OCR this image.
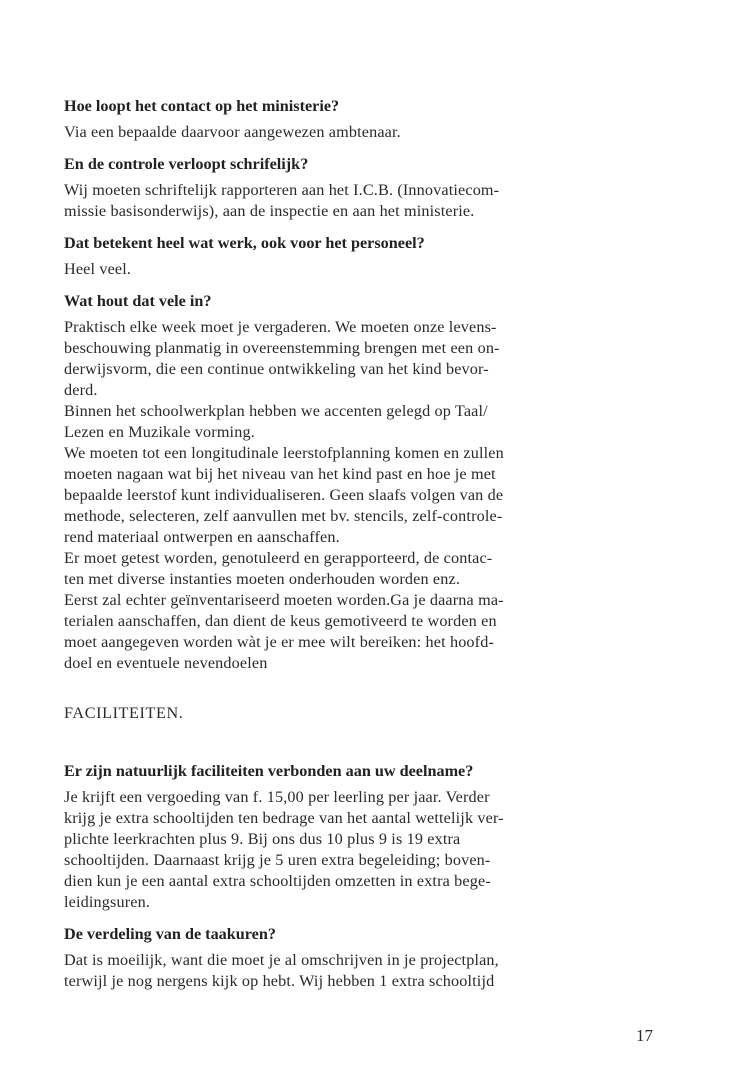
Hoe loopt het contact op het ministerie?
Via een bepaalde daarvoor aangewezen ambtenaar.
En de controle verloopt schrifelijk?
Wij moeten schriftelijk rapporteren aan het I.C.B. (Innovatiecom-
missie basisonderwijs), aan de inspectie en aan het ministerie.
Dat betekent heel wat werk, ook voor het personeel?
Heel veel.
Wat hout dat vele in?
Praktisch elke week moet je vergaderen. We moeten onze levens-
beschouwing planmatig in overeenstemming brengen met een on-
derwijsvorm, die een continue ontwikkeling van het kind bevor-
derd.
Binnen het schoolwerkplan hebben we accenten gelegd op Taal/
Lezen en Muzikale vorming.
We moeten tot een longitudinale leerstofplanning komen en zullen
moeten nagaan wat bij het niveau van het kind past en hoe je met
bepaalde leerstof kunt individualiseren. Geen slaafs volgen van de
methode, selecteren, zelf aanvullen met bv. stencils, zelf-controle-
rend materiaal ontwerpen en aanschaffen.
Er moet getest worden, genotuleerd en gerapporteerd, de contac-
ten met diverse instanties moeten onderhouden worden enz.
Eerst zal echter geïnventariseerd moeten worden.Ga je daarna ma-
terialen aanschaffen, dan dient de keus gemotiveerd te worden en
moet aangegeven worden wàt je er mee wilt bereiken: het hoofd-
doel en eventuele nevendoelen
FACILITEITEN.
Er zijn natuurlijk faciliteiten verbonden aan uw deelname?
Je krijft een vergoeding van f. 15,00 per leerling per jaar. Verder
krijg je extra schooltijden ten bedrage van het aantal wettelijk ver-
plichte leerkrachten plus 9. Bij ons dus 10 plus 9 is 19 extra
schooltijden. Daarnaast krijg je 5 uren extra begeleiding; boven-
dien kun je een aantal extra schooltijden omzetten in extra bege-
leidingsuren.
De verdeling van de taakuren?
Dat is moeilijk, want die moet je al omschrijven in je projectplan,
terwijl je nog nergens kijk op hebt. Wij hebben 1 extra schooltijd
17
